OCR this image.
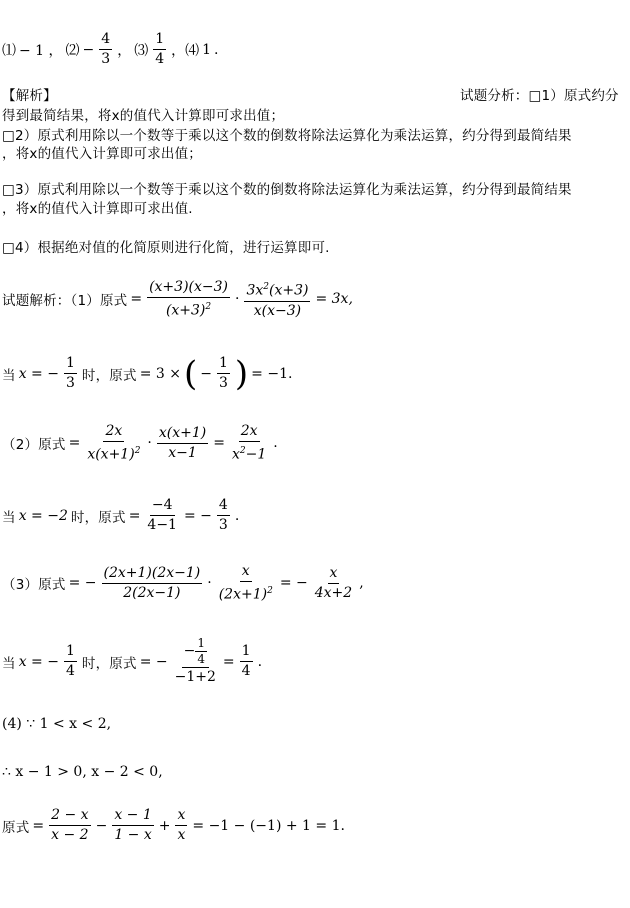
⑴ − 1 ， ⑵ − $\frac{4}{3}$ ， ⑶ $\frac{1}{4}$ ，⑷ 1 .
【解析】	试题分析：□1）原式约分
得到最简结果，将x的值代入计算即可求出值；
□2）原式利用除以一个数等于乘以这个数的倒数将除法运算化为乘法运算，约分得到最简结果
，将x的值代入计算即可求出值；
□3）原式利用除以一个数等于乘以这个数的倒数将除法运算化为乘法运算，约分得到最简结果
，将x的值代入计算即可求出值.
□4）根据绝对值的化简原则进行化简，进行运算即可.
试题解析：（1）原式 = $\frac{(x+3)(x-3)}{(x+3)^2} \cdot \frac{3x^2(x+3)}{x(x-3)} = 3x$,
当 x = − $\frac{1}{3}$ 时，原式 = 3 × ( − $\frac{1}{3}$ ) = −1.
（2）原式 = $\frac{2x}{x(x+1)^2} \cdot \frac{x(x+1)}{x-1} = \frac{2x}{x^2-1}$ .
当 x = −2 时，原式 = $\frac{-4}{4-1}$ = − $\frac{4}{3}$ .
（3）原式 = − $\frac{(2x+1)(2x-1)}{2(2x-1)} \cdot \frac{x}{(2x+1)^2}$ = − $\frac{x}{4x+2}$ ,
当 x = − $\frac{1}{4}$ 时，原式 = − $\frac{- \frac{1}{4}}{-1+2} = \frac{1}{4}$ .
(4) ∵ 1 < x < 2,
∴ x − 1 > 0, x − 2 < 0,
原式 = $\frac{2 - x}{x - 2} - \frac{x - 1}{1 - x} + \frac{x}{x} = -1 - (-1) + 1 = 1$.
